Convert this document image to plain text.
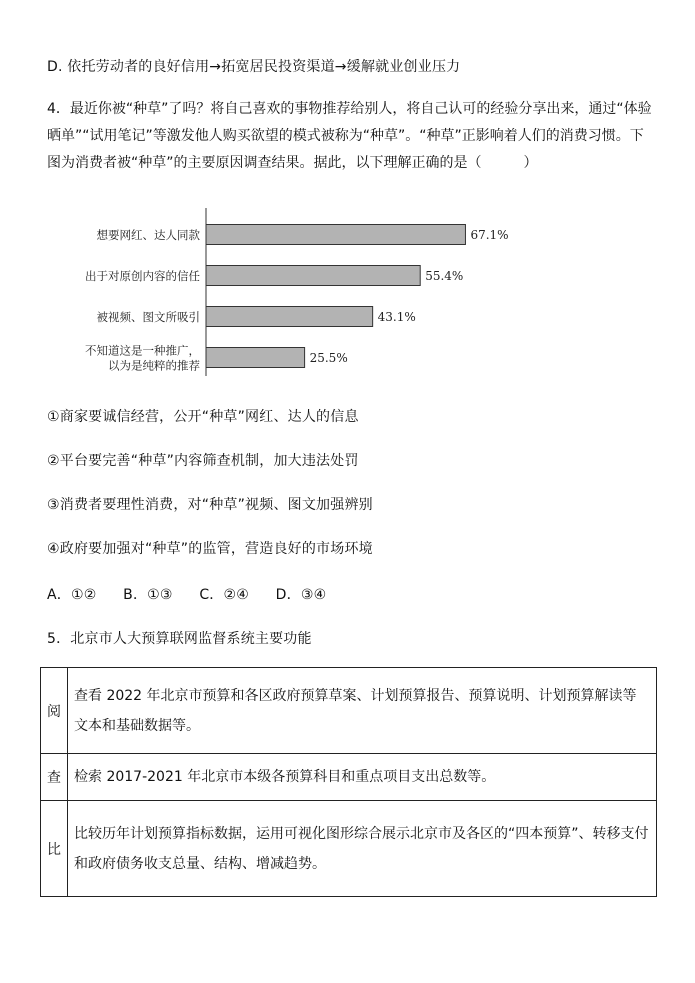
D. 依托劳动者的良好信用→拓宽居民投资渠道→缓解就业创业压力
4．最近你被“种草”了吗？将自己喜欢的事物推荐给别人，将自己认可的经验分享出来，通过“体验晒单”“试用笔记”等激发他人购买欲望的模式被称为“种草”。“种草”正影响着人们的消费习惯。下图为消费者被“种草”的主要原因调查结果。据此，以下理解正确的是（　　　）
67.1%
想要网红、达人同款
55.4%
出于对原创内容的信任
43.1%
被视频、图文所吸引
25.5%
不知道这是一种推广，
以为是纯粹的推荐
①商家要诚信经营，公开“种草”网红、达人的信息
②平台要完善“种草”内容筛查机制，加大违法处罚
③消费者要理性消费，对“种草”视频、图文加强辨别
④政府要加强对“种草”的监管，营造良好的市场环境
A．①② B．①③ C．②④ D．③④
5．北京市人大预算联网监督系统主要功能
阅	查看 2022 年北京市预算和各区政府预算草案、计划预算报告、预算说明、计划预算解读等文本和基础数据等。
查	检索 2017-2021 年北京市本级各预算科目和重点项目支出总数等。
比	比较历年计划预算指标数据，运用可视化图形综合展示北京市及各区的“四本预算”、转移支付和政府债务收支总量、结构、增减趋势。
